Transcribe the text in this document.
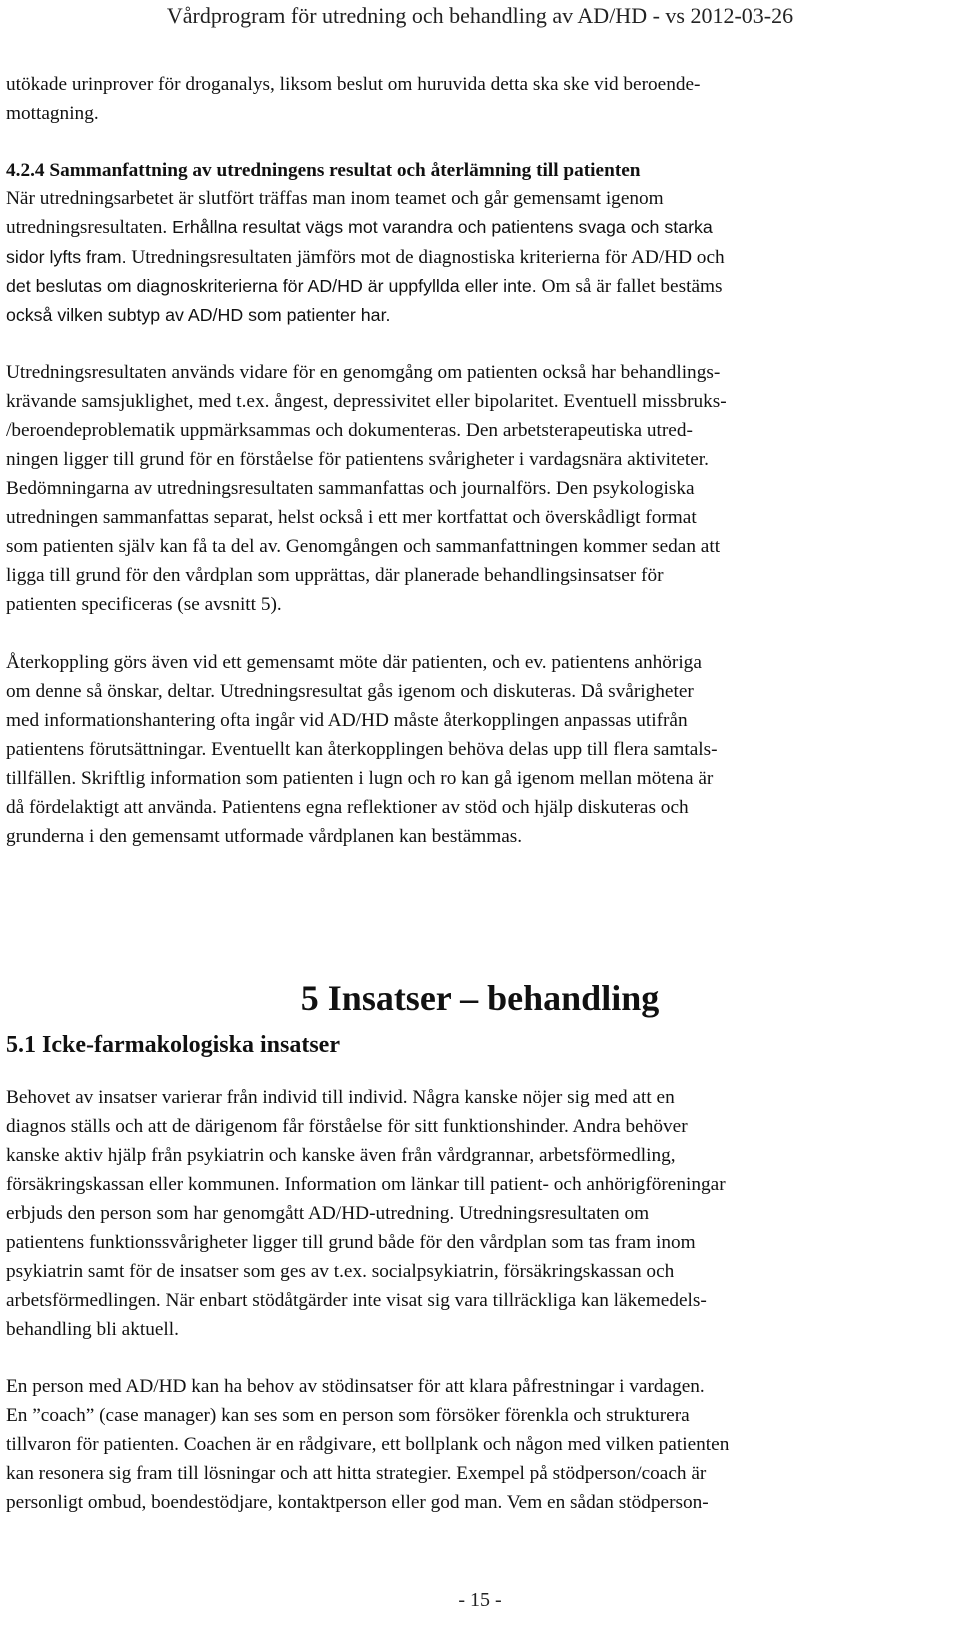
Vårdprogram för utredning och behandling av AD/HD - vs 2012-03-26
utökade urinprover för droganalys, liksom beslut om huruvida detta ska ske vid beroende-
mottagning.
4.2.4 Sammanfattning av utredningens resultat och återlämning till patienten
När utredningsarbetet är slutfört träffas man inom teamet och går gemensamt igenom
utredningsresultaten. Erhållna resultat vägs mot varandra och patientens svaga och starka
sidor lyfts fram. Utredningsresultaten jämförs mot de diagnostiska kriterierna för AD/HD och
det beslutas om diagnoskriterierna för AD/HD är uppfyllda eller inte. Om så är fallet bestäms
också vilken subtyp av AD/HD som patienter har.
Utredningsresultaten används vidare för en genomgång om patienten också har behandlings-
krävande samsjuklighet, med t.ex. ångest, depressivitet eller bipolaritet. Eventuell missbruks-
/beroendeproblematik uppmärksammas och dokumenteras. Den arbetsterapeutiska utred-
ningen ligger till grund för en förståelse för patientens svårigheter i vardagsnära aktiviteter.
Bedömningarna av utredningsresultaten sammanfattas och journalförs. Den psykologiska
utredningen sammanfattas separat, helst också i ett mer kortfattat och överskådligt format
som patienten själv kan få ta del av. Genomgången och sammanfattningen kommer sedan att
ligga till grund för den vårdplan som upprättas, där planerade behandlingsinsatser för
patienten specificeras (se avsnitt 5).
Återkoppling görs även vid ett gemensamt möte där patienten, och ev. patientens anhöriga
om denne så önskar, deltar. Utredningsresultat gås igenom och diskuteras. Då svårigheter
med informationshantering ofta ingår vid AD/HD måste återkopplingen anpassas utifrån
patientens förutsättningar. Eventuellt kan återkopplingen behöva delas upp till flera samtals-
tillfällen. Skriftlig information som patienten i lugn och ro kan gå igenom mellan mötena är
då fördelaktigt att använda. Patientens egna reflektioner av stöd och hjälp diskuteras och
grunderna i den gemensamt utformade vårdplanen kan bestämmas.
5 Insatser – behandling
5.1 Icke-farmakologiska insatser
Behovet av insatser varierar från individ till individ. Några kanske nöjer sig med att en
diagnos ställs och att de därigenom får förståelse för sitt funktionshinder. Andra behöver
kanske aktiv hjälp från psykiatrin och kanske även från vårdgrannar, arbetsförmedling,
försäkringskassan eller kommunen. Information om länkar till patient- och anhörigföreningar
erbjuds den person som har genomgått AD/HD-utredning. Utredningsresultaten om
patientens funktionssvårigheter ligger till grund både för den vårdplan som tas fram inom
psykiatrin samt för de insatser som ges av t.ex. socialpsykiatrin, försäkringskassan och
arbetsförmedlingen. När enbart stödåtgärder inte visat sig vara tillräckliga kan läkemedels-
behandling bli aktuell.
En person med AD/HD kan ha behov av stödinsatser för att klara påfrestningar i vardagen.
En ”coach” (case manager) kan ses som en person som försöker förenkla och strukturera
tillvaron för patienten. Coachen är en rådgivare, ett bollplank och någon med vilken patienten
kan resonera sig fram till lösningar och att hitta strategier. Exempel på stödperson/coach är
personligt ombud, boendestödjare, kontaktperson eller god man. Vem en sådan stödperson-
- 15 -
